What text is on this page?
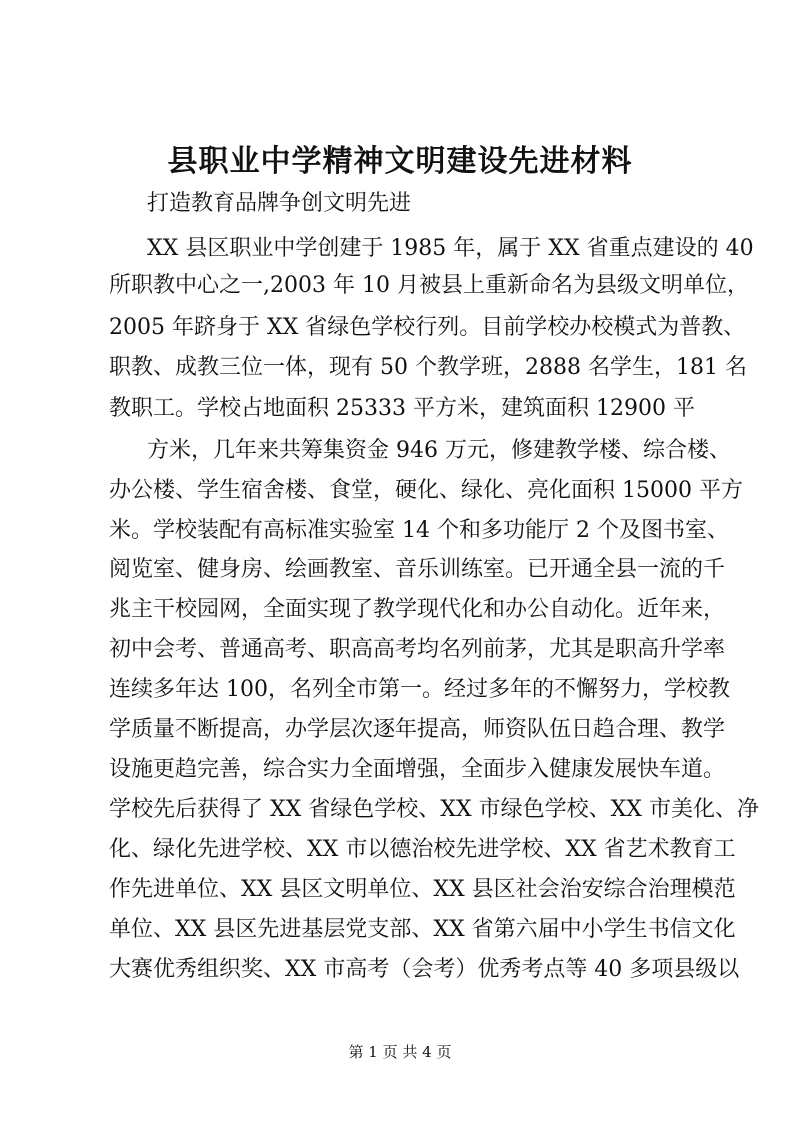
县职业中学精神文明建设先进材料

打造教育品牌争创文明先进

XX 县区职业中学创建于 1985 年，属于 XX 省重点建设的 40

所职教中心之一,2003 年 10 月被县上重新命名为县级文明单位，

2005 年跻身于 XX 省绿色学校行列。目前学校办校模式为普教、

职教、成教三位一体，现有 50 个教学班，2888 名学生，181 名

教职工。学校占地面积 25333 平方米，建筑面积 12900 平

方米，几年来共筹集资金 946 万元，修建教学楼、综合楼、

办公楼、学生宿舍楼、食堂，硬化、绿化、亮化面积 15000 平方

米。学校装配有高标准实验室 14 个和多功能厅 2 个及图书室、

阅览室、健身房、绘画教室、音乐训练室。已开通全县一流的千

兆主干校园网，全面实现了教学现代化和办公自动化。近年来，

初中会考、普通高考、职高高考均名列前茅，尤其是职高升学率

连续多年达 100，名列全市第一。经过多年的不懈努力，学校教

学质量不断提高，办学层次逐年提高，师资队伍日趋合理、教学

设施更趋完善，综合实力全面增强，全面步入健康发展快车道。

学校先后获得了 XX 省绿色学校、XX 市绿色学校、XX 市美化、净

化、绿化先进学校、XX 市以德治校先进学校、XX 省艺术教育工

作先进单位、XX 县区文明单位、XX 县区社会治安综合治理模范

单位、XX 县区先进基层党支部、XX 省第六届中小学生书信文化

大赛优秀组织奖、XX 市高考（会考）优秀考点等 40 多项县级以

第 1 页 共 4 页
